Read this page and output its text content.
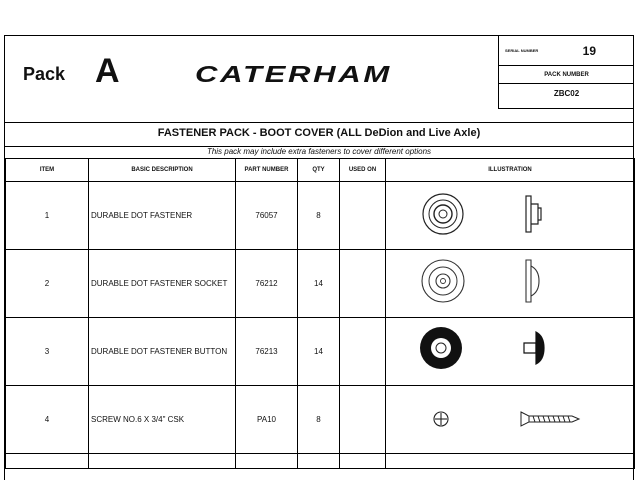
Pack A	CATERHAM
SERIAL NUMBER	19
PACK NUMBER
ZBC02
FASTENER PACK - BOOT COVER (ALL DeDion and Live Axle)
This pack may include extra fasteners to cover different options
ITEM	BASIC DESCRIPTION	PART NUMBER	QTY	USED ON	ILLUSTRATION
1	DURABLE DOT FASTENER	76057	8		

2	DURABLE DOT FASTENER SOCKET	76212	14		

3	DURABLE DOT FASTENER BUTTON	76213	14		

4	SCREW NO.6 X 3/4" CSK	PA10	8		
